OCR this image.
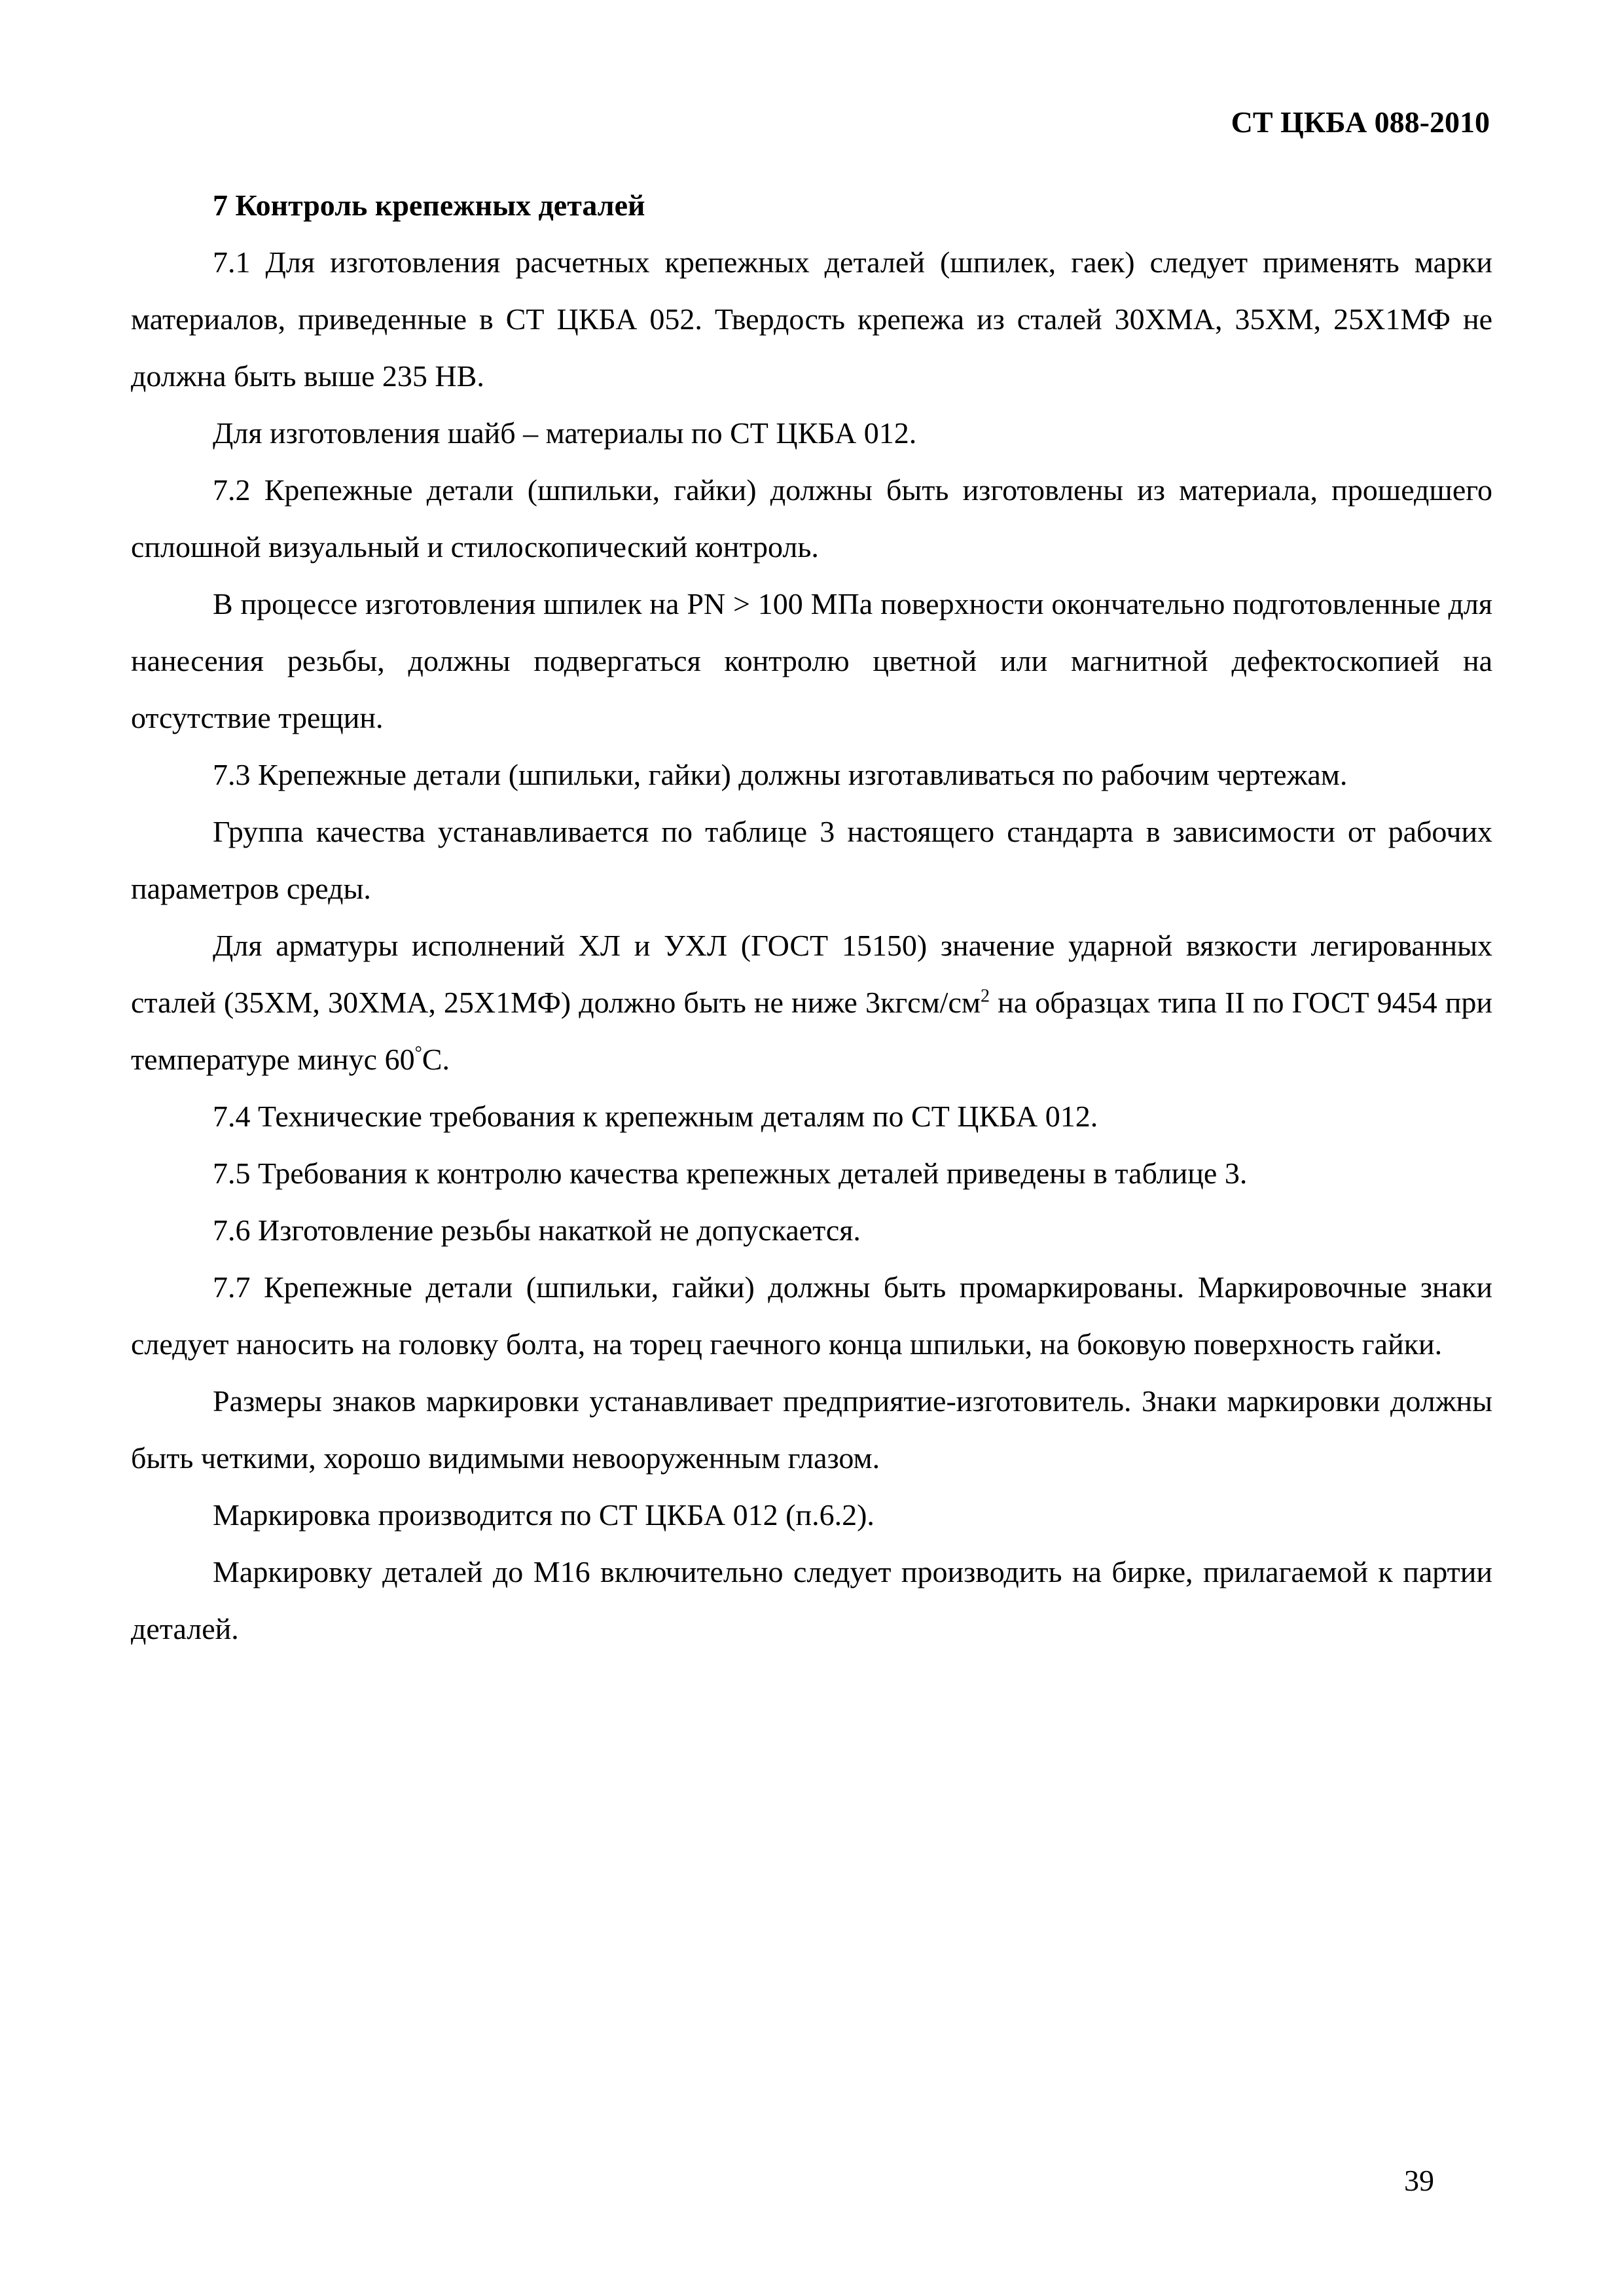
СТ ЦКБА 088-2010

7 Контроль крепежных деталей

7.1 Для изготовления расчетных крепежных деталей (шпилек, гаек) следует применять марки материалов, приведенные в СТ ЦКБА 052. Твердость крепежа из сталей 30ХМА, 35ХМ, 25Х1МФ не должна быть выше 235 НВ.

Для изготовления шайб – материалы по СТ ЦКБА 012.

7.2 Крепежные детали (шпильки, гайки) должны быть изготовлены из материала, прошедшего сплошной визуальный и стилоскопический контроль.

В процессе изготовления шпилек на PN > 100 МПа поверхности окончательно подготовленные для нанесения резьбы, должны подвергаться контролю цветной или магнитной дефектоскопией на отсутствие трещин.

7.3 Крепежные детали (шпильки, гайки) должны изготавливаться по рабочим чертежам.

Группа качества устанавливается по таблице 3 настоящего стандарта в зависимости от рабочих параметров среды.

Для арматуры исполнений ХЛ и УХЛ (ГОСТ 15150) значение ударной вязкости легированных сталей (35ХМ, 30ХМА, 25Х1МФ) должно быть не ниже $3кгсм/см^2$ на образцах типа II по ГОСТ 9454 при температуре минус 60°С.

7.4 Технические требования к крепежным деталям по СТ ЦКБА 012.

7.5 Требования к контролю качества крепежных деталей приведены в таблице 3.

7.6 Изготовление резьбы накаткой не допускается.

7.7 Крепежные детали (шпильки, гайки) должны быть промаркированы. Маркировочные знаки следует наносить на головку болта, на торец гаечного конца шпильки, на боковую поверхность гайки.

Размеры знаков маркировки устанавливает предприятие-изготовитель. Знаки маркировки должны быть четкими, хорошо видимыми невооруженным глазом.

Маркировка производится по СТ ЦКБА 012 (п.6.2).

Маркировку деталей до М16 включительно следует производить на бирке, прилагаемой к партии деталей.

39
